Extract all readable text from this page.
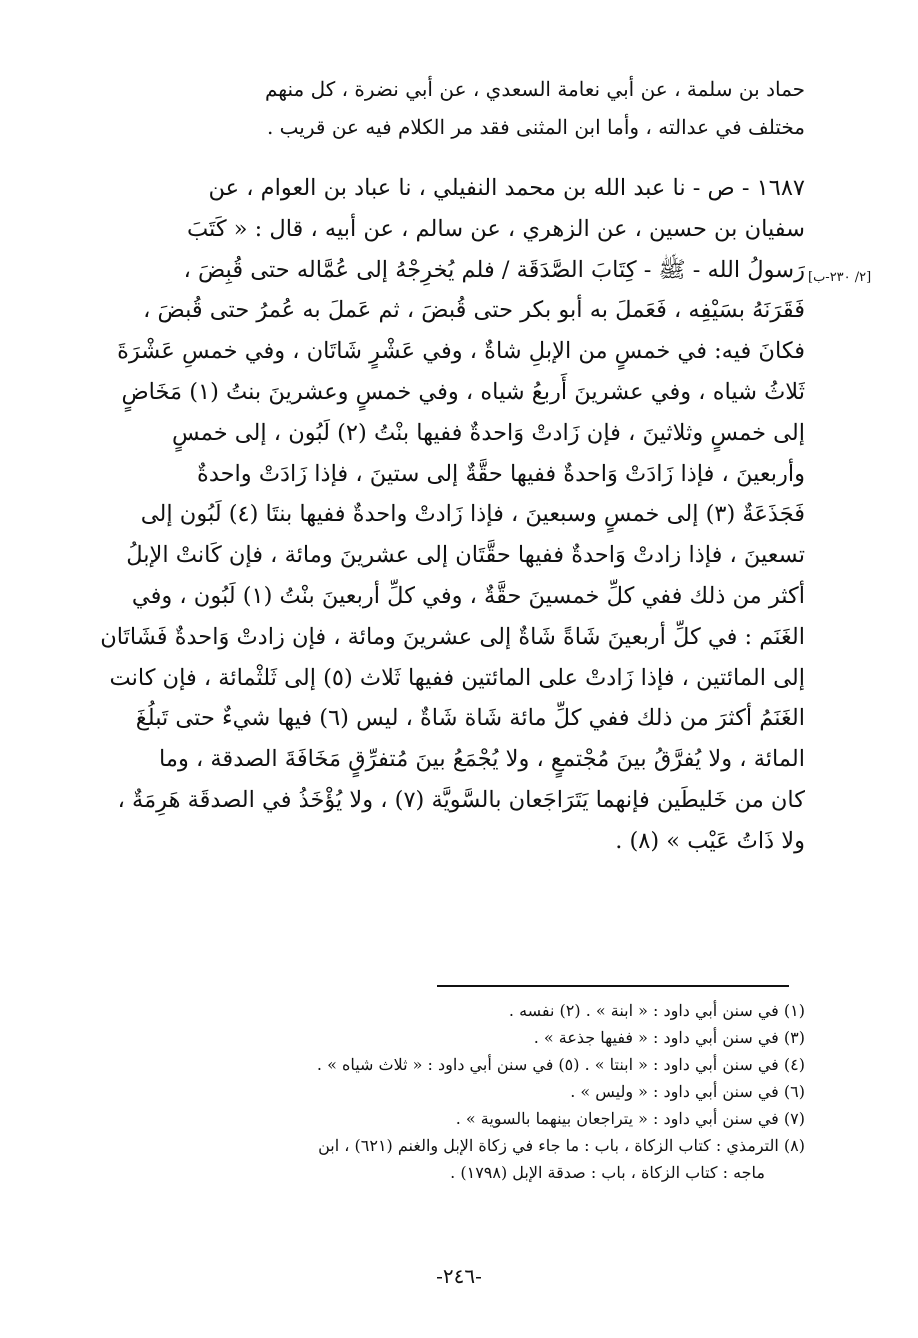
حماد بن سلمة ، عن أبي نعامة السعدي ، عن أبي نضرة ، كل منهم
مختلف في عدالته ، وأما ابن المثنى فقد مر الكلام فيه عن قريب .
١٦٨٧ - ص - نا عبد الله بن محمد النفيلي ، نا عباد بن العوام ، عن
سفيان بن حسين ، عن الزهري ، عن سالم ، عن أبيه ، قال : « كَتَبَ
رَسولُ الله - ﷺ - كِتَابَ الصَّدَقَة / فلم يُخرِجْهُ إلى عُمَّاله حتى قُبِضَ ،
فَقَرَنَهُ بسَيْفِه ، فَعَملَ به أبو بكر حتى قُبضَ ، ثم عَملَ به عُمرُ حتى قُبضَ ،
فكانَ فيه: في خمسٍ من الإبلِ شاةٌ ، وفي عَشْرٍ شَاتَان ، وفي خمسِ عَشْرَةَ
ثَلاثُ شياه ، وفي عشرينَ أَربعُ شياه ، وفي خمسٍ وعشرينَ بنتُ (١) مَخَاضٍ
إلى خمسٍ وثلاثينَ ، فإن زَادتْ وَاحدةٌ ففيها بنْتُ (٢) لَبُون ، إلى خمسٍ
وأربعينَ ، فإذا زَادَتْ وَاحدةٌ ففيها حقَّةٌ إلى ستينَ ، فإذا زَادَتْ واحدةٌ
فَجَذَعَةٌ (٣) إلى خمسٍ وسبعينَ ، فإذا زَادتْ واحدةٌ ففيها بنتَا (٤) لَبُون إلى
تسعينَ ، فإذا زادتْ وَاحدةٌ ففيها حقَّتَان إلى عشرينَ ومائة ، فإن كَانتْ الإبلُ
أكثر من ذلك ففي كلِّ خمسينَ حقَّةٌ ، وفي كلِّ أربعينَ بنْتُ (١) لَبُون ، وفي
الغَنَم : في كلِّ أربعينَ شَاةً شَاةٌ إلى عشرينَ ومائة ، فإن زادتْ وَاحدةٌ فَشَاتَان
إلى المائتين ، فإذا زَادتْ على المائتين ففيها ثَلاث (٥) إلى ثَلثْمائة ، فإن كانت
الغَنَمُ أكثرَ من ذلك ففي كلِّ مائة شَاة شَاةٌ ، ليس (٦) فيها شيءٌ حتى تَبلُغَ
المائة ، ولا يُفرَّقُ بينَ مُجْتمعٍ ، ولا يُجْمَعُ بينَ مُتفرِّقٍ مَخَافَةَ الصدقة ، وما
كان من خَليطَين فإنهما يَتَرَاجَعان بالسَّويَّة (٧) ، ولا يُؤْخَذُ في الصدقَة هَرِمَةٌ ،
ولا ذَاتُ عَيْب » (٨) .
[٢/ ٢٣٠-ب]
(١) في سنن أبي داود : « ابنة » . (٢) نفسه .
(٣) في سنن أبي داود : « ففيها جذعة » .
(٤) في سنن أبي داود : « ابنتا » . (٥) في سنن أبي داود : « ثلاث شياه » .
(٦) في سنن أبي داود : « وليس » .
(٧) في سنن أبي داود : « يتراجعان بينهما بالسوية » .
(٨) الترمذي : كتاب الزكاة ، باب : ما جاء في زكاة الإبل والغنم (٦٢١) ، ابن
ماجه : كتاب الزكاة ، باب : صدقة الإبل (١٧٩٨) .
-٢٤٦-
